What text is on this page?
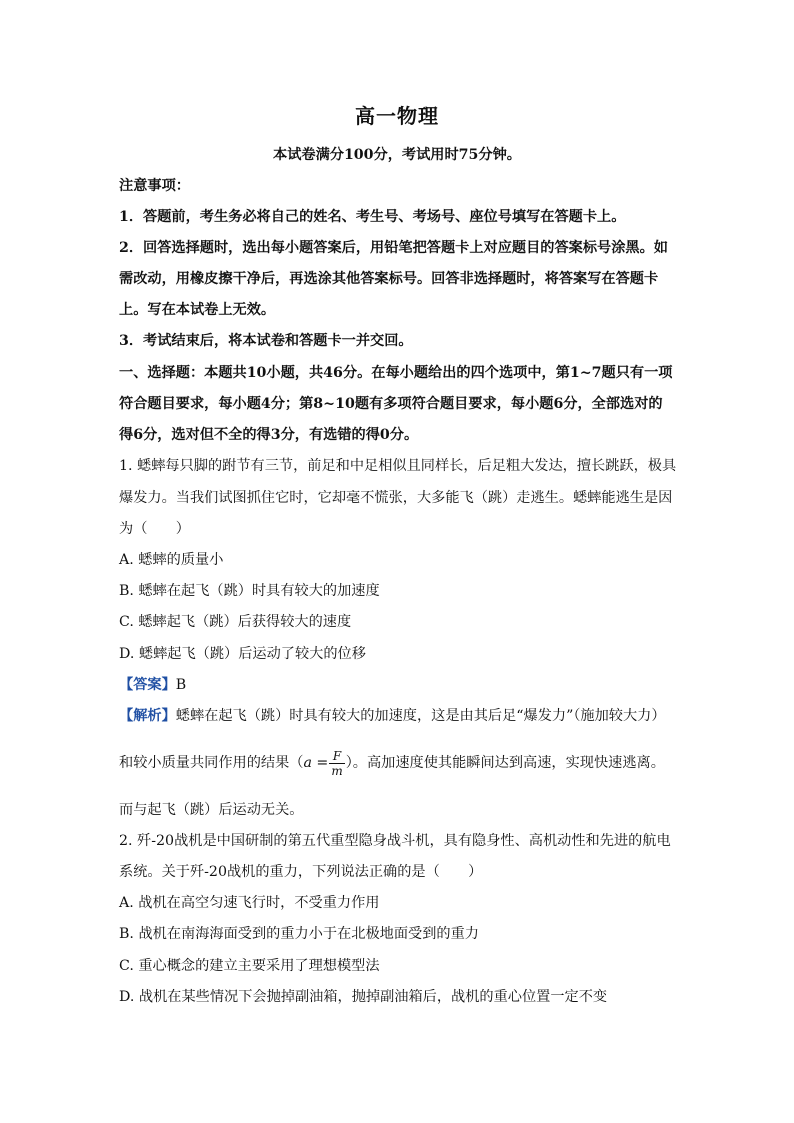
高一物理
本试卷满分100分，考试用时75分钟。
注意事项：
1．答题前，考生务必将自己的姓名、考生号、考场号、座位号填写在答题卡上。
2．回答选择题时，选出每小题答案后，用铅笔把答题卡上对应题目的答案标号涂黑。如
需改动，用橡皮擦干净后，再选涂其他答案标号。回答非选择题时，将答案写在答题卡
上。写在本试卷上无效。
3．考试结束后，将本试卷和答题卡一并交回。
一、选择题：本题共10小题，共46分。在每小题给出的四个选项中，第1~7题只有一项
符合题目要求，每小题4分；第8~10题有多项符合题目要求，每小题6分，全部选对的
得6分，选对但不全的得3分，有选错的得0分。
1. 蟋蟀每只脚的跗节有三节，前足和中足相似且同样长，后足粗大发达，擅长跳跃，极具
爆发力。当我们试图抓住它时，它却毫不慌张，大多能飞（跳）走逃生。蟋蟀能逃生是因
为（　　）
A. 蟋蟀的质量小
B. 蟋蟀在起飞（跳）时具有较大的加速度
C. 蟋蟀起飞（跳）后获得较大的速度
D. 蟋蟀起飞（跳）后运动了较大的位移
【答案】B
【解析】蟋蟀在起飞（跳）时具有较大的加速度，这是由其后足“爆发力”（施加较大力）
和较小质量共同作用的结果（$a = \frac{F}{m}$ ）。高加速度使其能瞬间达到高速，实现快速逃离。
而与起飞（跳）后运动无关。
2. 歼-20战机是中国研制的第五代重型隐身战斗机，具有隐身性、高机动性和先进的航电
系统。关于歼-20战机的重力，下列说法正确的是（　　）
A. 战机在高空匀速飞行时，不受重力作用
B. 战机在南海海面受到的重力小于在北极地面受到的重力
C. 重心概念的建立主要采用了理想模型法
D. 战机在某些情况下会抛掉副油箱，抛掉副油箱后，战机的重心位置一定不变
